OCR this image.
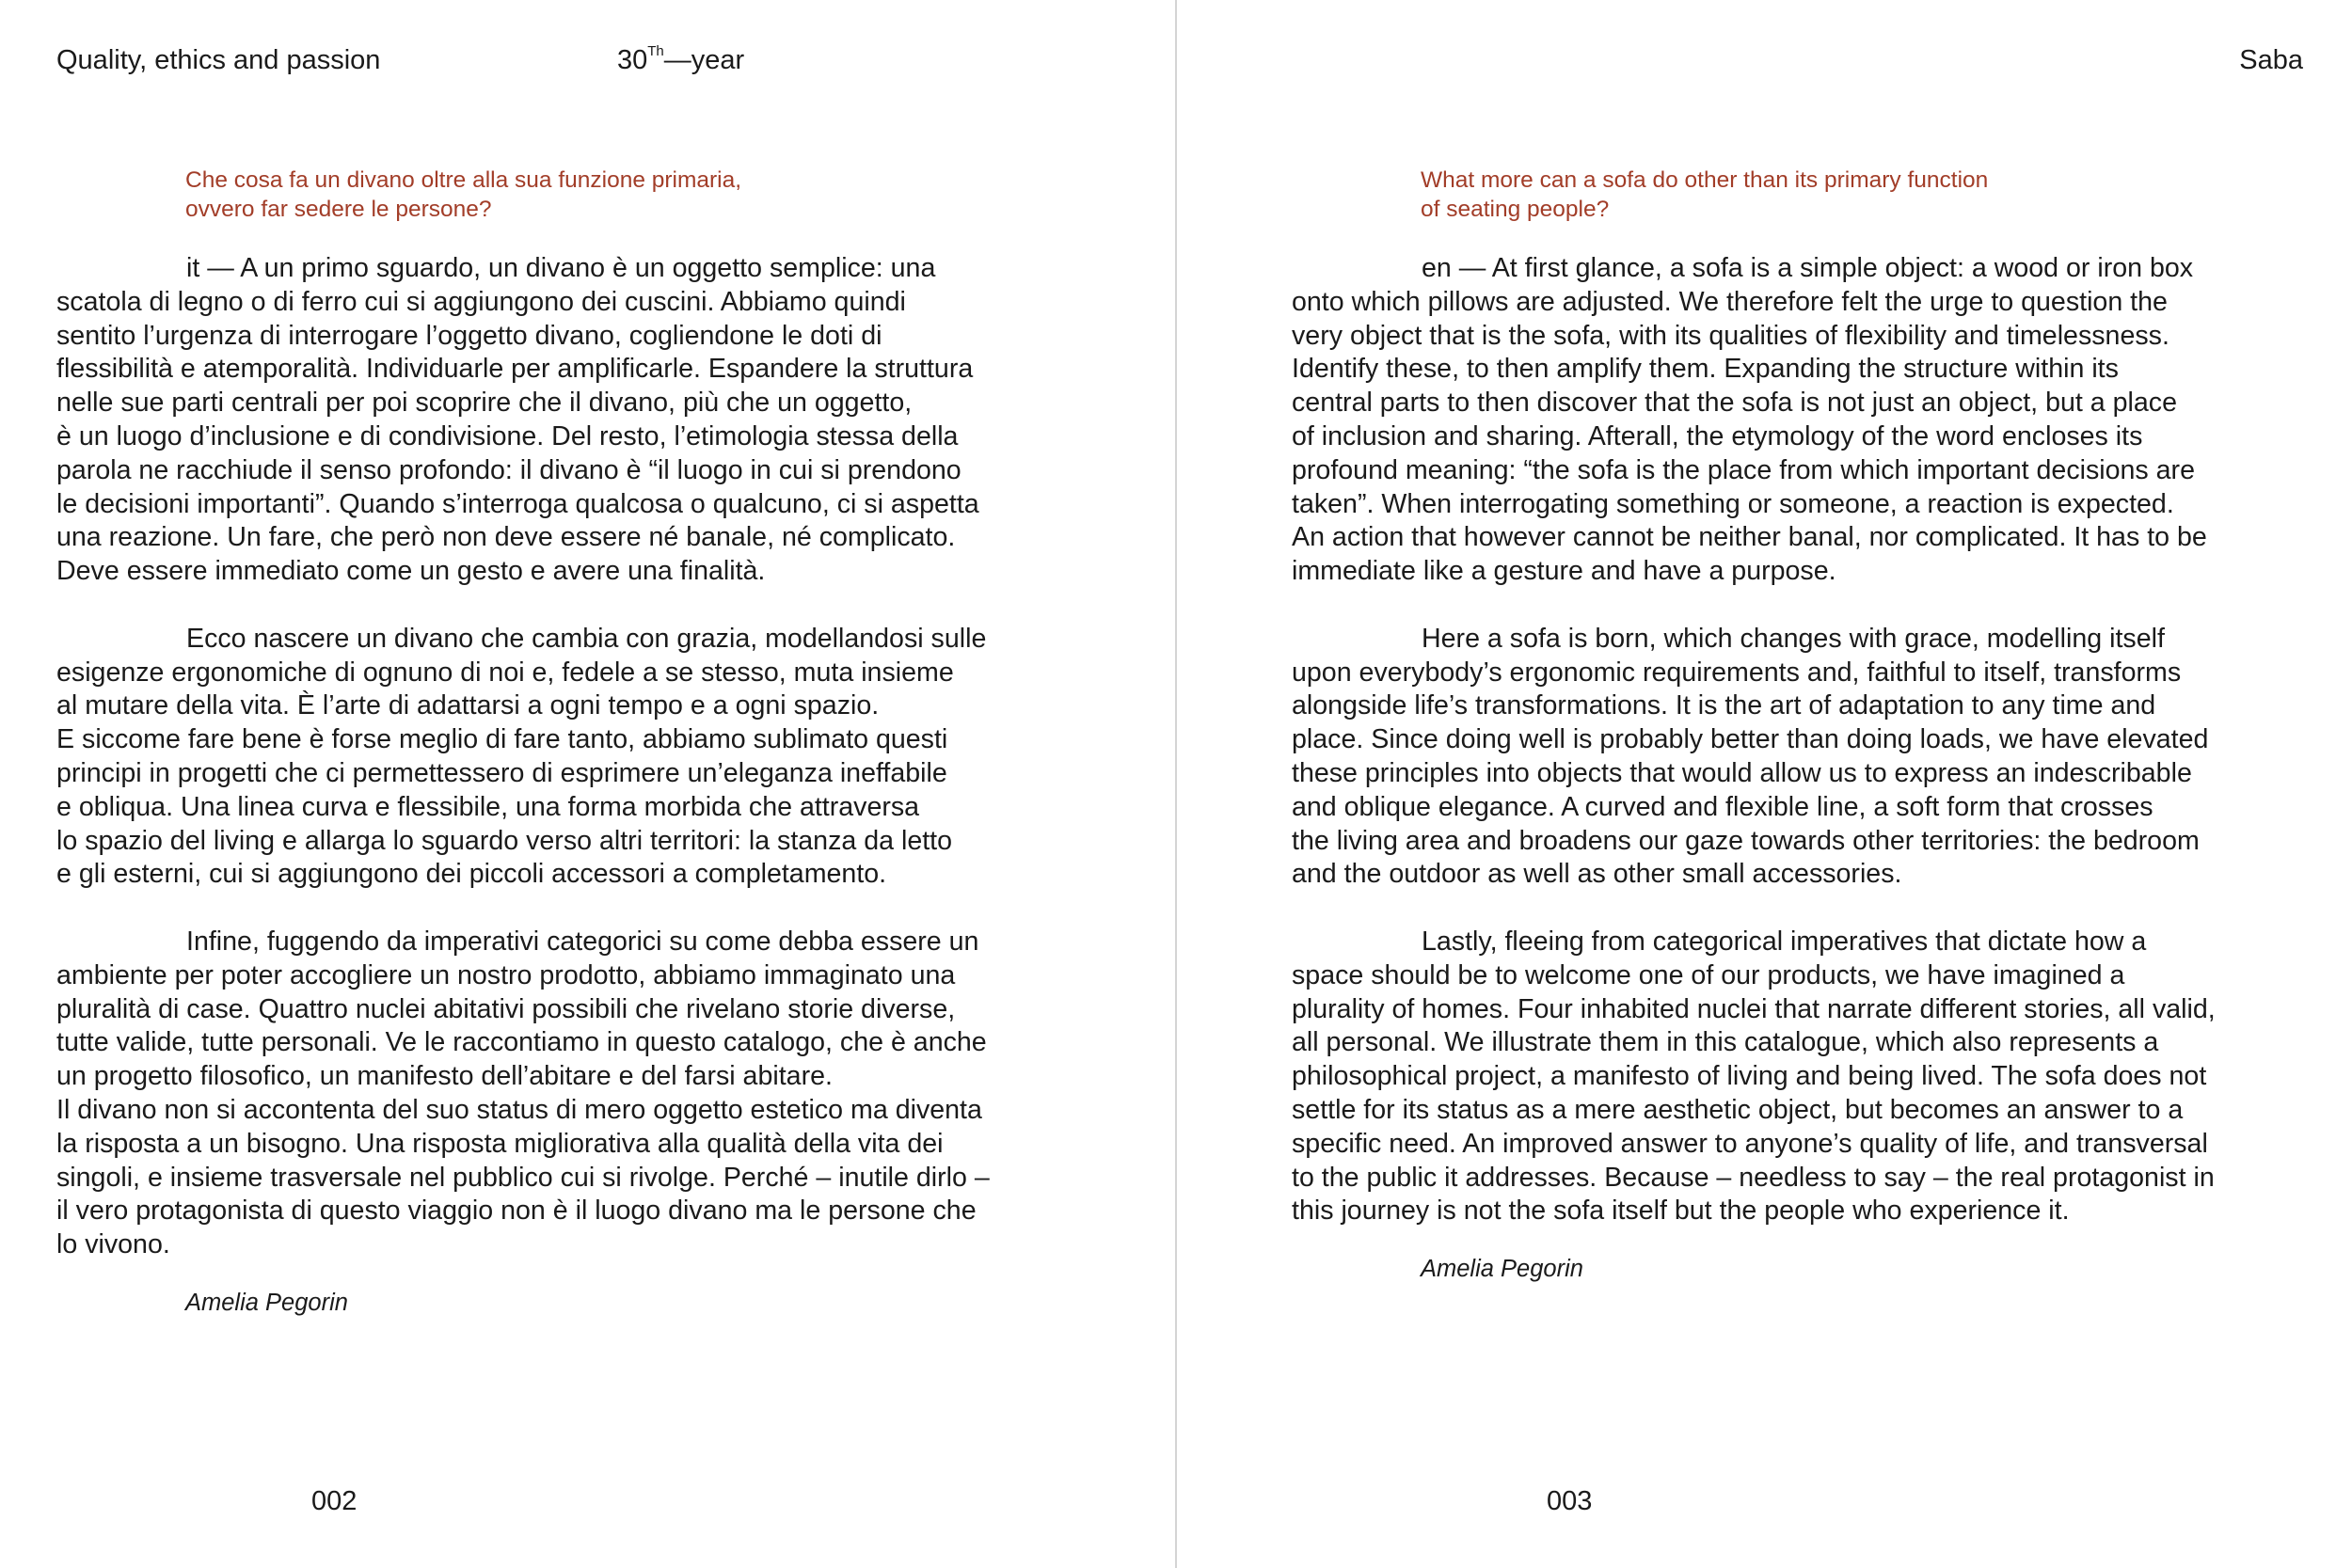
Quality, ethics and passion	30Th—year
Che cosa fa un divano oltre alla sua funzione primaria,
ovvero far sedere le persone?

it — A un primo sguardo, un divano è un oggetto semplice: una
scatola di legno o di ferro cui si aggiungono dei cuscini. Abbiamo quindi
sentito l’urgenza di interrogare l’oggetto divano, cogliendone le doti di
flessibilità e atemporalità. Individuarle per amplificarle. Espandere la struttura
nelle sue parti centrali per poi scoprire che il divano, più che un oggetto,
è un luogo d’inclusione e di condivisione. Del resto, l’etimologia stessa della
parola ne racchiude il senso profondo: il divano è “il luogo in cui si prendono
le decisioni importanti”. Quando s’interroga qualcosa o qualcuno, ci si aspetta
una reazione. Un fare, che però non deve essere né banale, né complicato.
Deve essere immediato come un gesto e avere una finalità.

Ecco nascere un divano che cambia con grazia, modellandosi sulle
esigenze ergonomiche di ognuno di noi e, fedele a se stesso, muta insieme
al mutare della vita. È l’arte di adattarsi a ogni tempo e a ogni spazio.
E siccome fare bene è forse meglio di fare tanto, abbiamo sublimato questi
principi in progetti che ci permettessero di esprimere un’eleganza ineffabile
e obliqua. Una linea curva e flessibile, una forma morbida che attraversa
lo spazio del living e allarga lo sguardo verso altri territori: la stanza da letto
e gli esterni, cui si aggiungono dei piccoli accessori a completamento.

Infine, fuggendo da imperativi categorici su come debba essere un
ambiente per poter accogliere un nostro prodotto, abbiamo immaginato una
pluralità di case. Quattro nuclei abitativi possibili che rivelano storie diverse,
tutte valide, tutte personali. Ve le raccontiamo in questo catalogo, che è anche
un progetto filosofico, un manifesto dell’abitare e del farsi abitare.
Il divano non si accontenta del suo status di mero oggetto estetico ma diventa
la risposta a un bisogno. Una risposta migliorativa alla qualità della vita dei
singoli, e insieme trasversale nel pubblico cui si rivolge. Perché – inutile dirlo –
il vero protagonista di questo viaggio non è il luogo divano ma le persone che
lo vivono.

Amelia Pegorin
002
Saba
What more can a sofa do other than its primary function
of seating people?

en — At first glance, a sofa is a simple object: a wood or iron box
onto which pillows are adjusted. We therefore felt the urge to question the
very object that is the sofa, with its qualities of flexibility and timelessness.
Identify these, to then amplify them. Expanding the structure within its
central parts to then discover that the sofa is not just an object, but a place
of inclusion and sharing. Afterall, the etymology of the word encloses its
profound meaning: “the sofa is the place from which important decisions are
taken”. When interrogating something or someone, a reaction is expected.
An action that however cannot be neither banal, nor complicated. It has to be
immediate like a gesture and have a purpose.

Here a sofa is born, which changes with grace, modelling itself
upon everybody’s ergonomic requirements and, faithful to itself, transforms
alongside life’s transformations. It is the art of adaptation to any time and
place. Since doing well is probably better than doing loads, we have elevated
these principles into objects that would allow us to express an indescribable
and oblique elegance. A curved and flexible line, a soft form that crosses
the living area and broadens our gaze towards other territories: the bedroom
and the outdoor as well as other small accessories.

Lastly, fleeing from categorical imperatives that dictate how a
space should be to welcome one of our products, we have imagined a
plurality of homes. Four inhabited nuclei that narrate different stories, all valid,
all personal. We illustrate them in this catalogue, which also represents a
philosophical project, a manifesto of living and being lived. The sofa does not
settle for its status as a mere aesthetic object, but becomes an answer to a
specific need. An improved answer to anyone’s quality of life, and transversal
to the public it addresses. Because – needless to say – the real protagonist in
this journey is not the sofa itself but the people who experience it.

Amelia Pegorin
003
